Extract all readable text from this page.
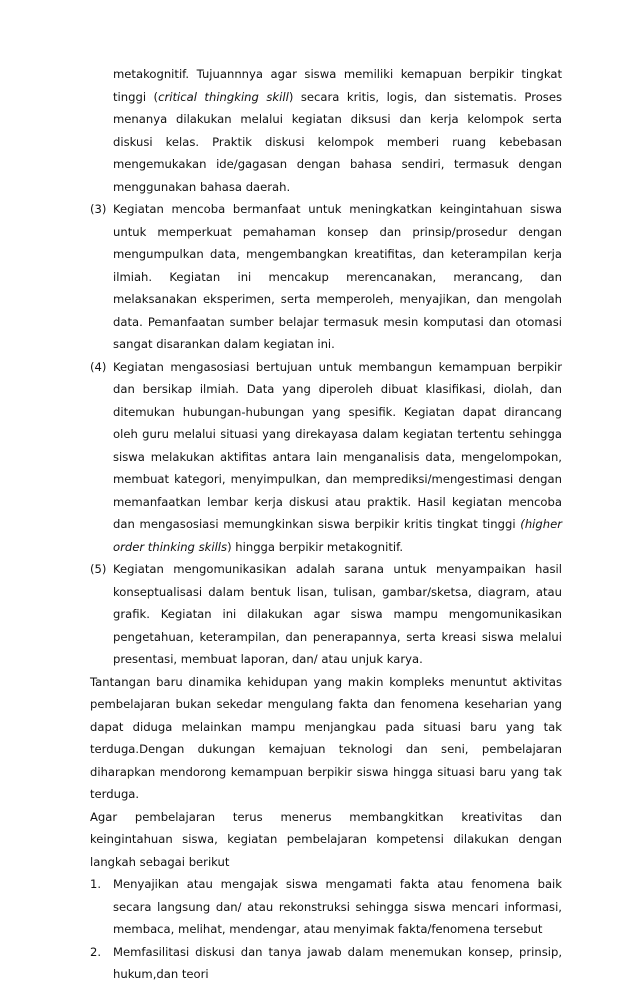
metakognitif. Tujuannnya agar siswa memiliki kemapuan berpikir tingkat tinggi (critical thingking skill) secara kritis, logis, dan sistematis. Proses menanya dilakukan melalui kegiatan diksusi dan kerja kelompok serta diskusi kelas. Praktik diskusi kelompok memberi ruang kebebasan mengemukakan ide/gagasan dengan bahasa sendiri, termasuk dengan menggunakan bahasa daerah.

(3) Kegiatan mencoba bermanfaat untuk meningkatkan keingintahuan siswa untuk memperkuat pemahaman konsep dan prinsip/prosedur dengan mengumpulkan data, mengembangkan kreatifitas, dan keterampilan kerja ilmiah. Kegiatan ini mencakup merencanakan, merancang, dan melaksanakan eksperimen, serta memperoleh, menyajikan, dan mengolah data. Pemanfaatan sumber belajar termasuk mesin komputasi dan otomasi sangat disarankan dalam kegiatan ini.

(4) Kegiatan mengasosiasi bertujuan untuk membangun kemampuan berpikir dan bersikap ilmiah. Data yang diperoleh dibuat klasifikasi, diolah, dan ditemukan hubungan-hubungan yang spesifik. Kegiatan dapat dirancang oleh guru melalui situasi yang direkayasa dalam kegiatan tertentu sehingga siswa melakukan aktifitas antara lain menganalisis data, mengelompokan, membuat kategori, menyimpulkan, dan memprediksi/mengestimasi dengan memanfaatkan lembar kerja diskusi atau praktik. Hasil kegiatan mencoba dan mengasosiasi memungkinkan siswa berpikir kritis tingkat tinggi (higher order thinking skills) hingga berpikir metakognitif.

(5) Kegiatan mengomunikasikan adalah sarana untuk menyampaikan hasil konseptualisasi dalam bentuk lisan, tulisan, gambar/sketsa, diagram, atau grafik. Kegiatan ini dilakukan agar siswa mampu mengomunikasikan pengetahuan, keterampilan, dan penerapannya, serta kreasi siswa melalui presentasi, membuat laporan, dan/ atau unjuk karya.

Tantangan baru dinamika kehidupan yang makin kompleks menuntut aktivitas pembelajaran bukan sekedar mengulang fakta dan fenomena keseharian yang dapat diduga melainkan mampu menjangkau pada situasi baru yang tak terduga.Dengan dukungan kemajuan teknologi dan seni, pembelajaran diharapkan mendorong kemampuan berpikir siswa hingga situasi baru yang tak terduga.

Agar pembelajaran terus menerus membangkitkan kreativitas dan keingintahuan siswa, kegiatan pembelajaran kompetensi dilakukan dengan langkah sebagai berikut

1. Menyajikan atau mengajak siswa mengamati fakta atau fenomena baik secara langsung dan/ atau rekonstruksi sehingga siswa mencari informasi, membaca, melihat, mendengar, atau menyimak fakta/fenomena tersebut

2. Memfasilitasi diskusi dan tanya jawab dalam menemukan konsep, prinsip, hukum,dan teori
